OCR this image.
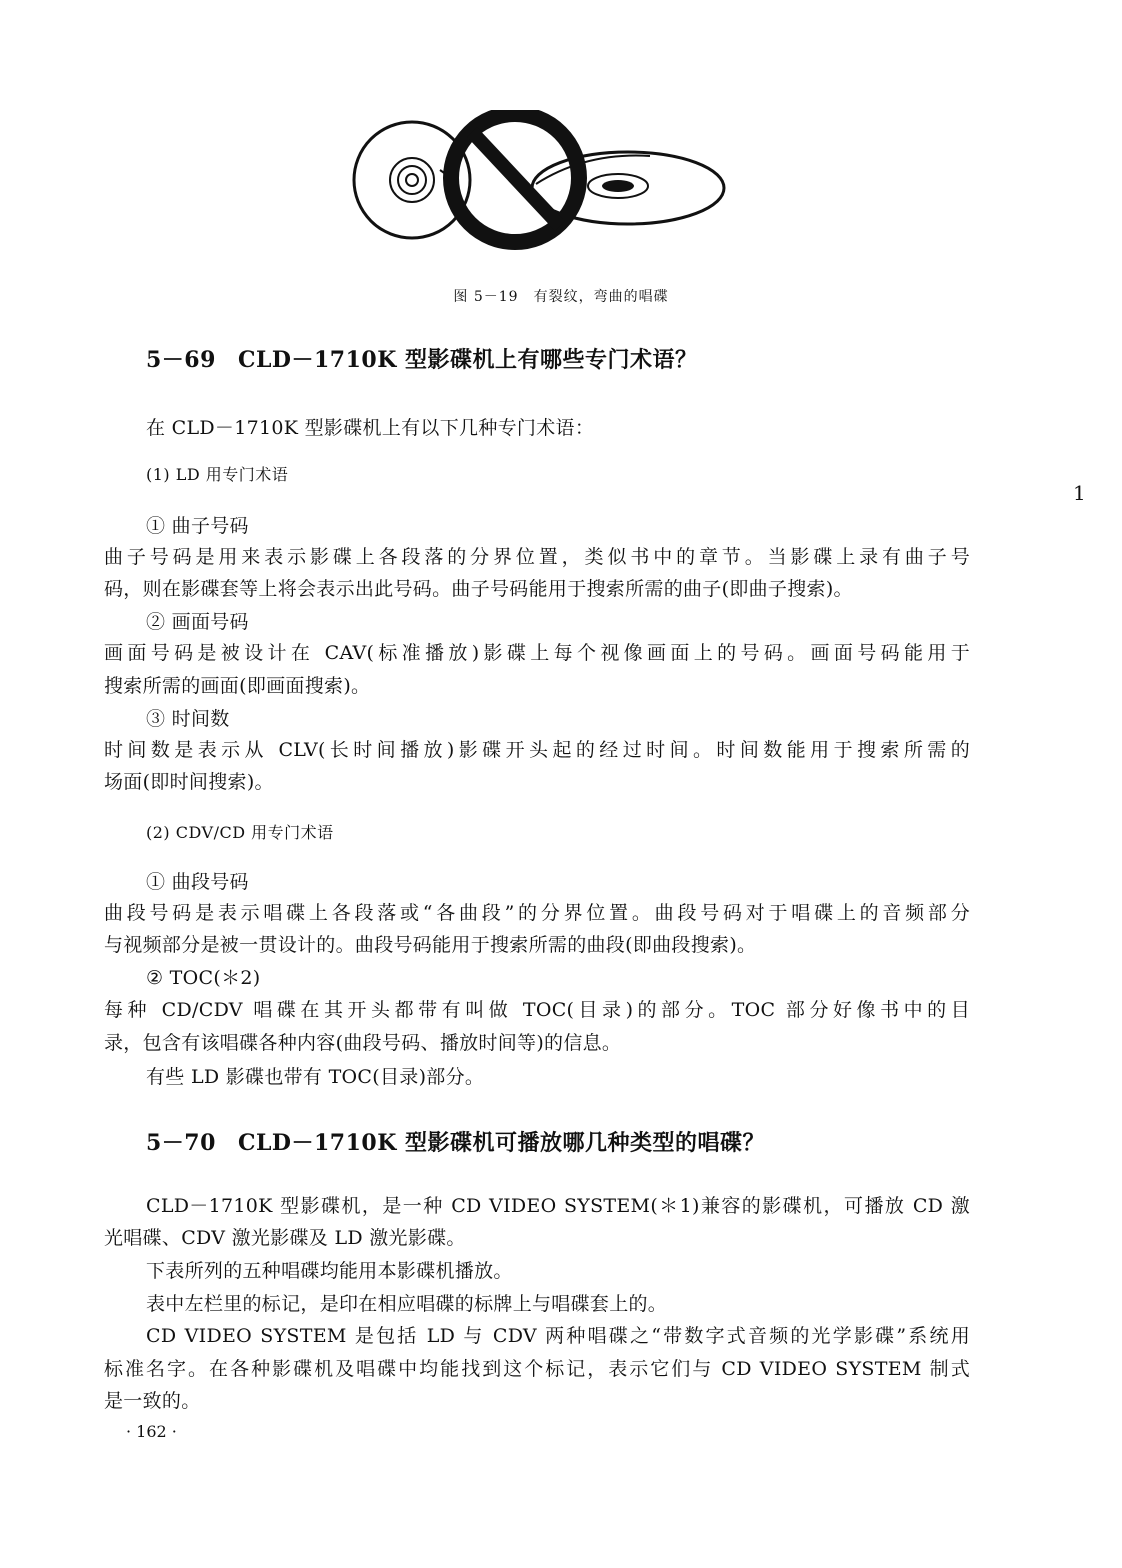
图 5－19　有裂纹，弯曲的唱碟
5－69 CLD－1710K 型影碟机上有哪些专门术语？
在 CLD－1710K 型影碟机上有以下几种专门术语：
(1) LD 用专门术语
① 曲子号码
曲子号码是用来表示影碟上各段落的分界位置，类似书中的章节。当影碟上录有曲子号
码，则在影碟套等上将会表示出此号码。曲子号码能用于搜索所需的曲子(即曲子搜索)。
② 画面号码
画面号码是被设计在 CAV(标准播放)影碟上每个视像画面上的号码。画面号码能用于
搜索所需的画面(即画面搜索)。
③ 时间数
时间数是表示从 CLV(长时间播放)影碟开头起的经过时间。时间数能用于搜索所需的
场面(即时间搜索)。
(2) CDV/CD 用专门术语
① 曲段号码
曲段号码是表示唱碟上各段落或“各曲段”的分界位置。曲段号码对于唱碟上的音频部分
与视频部分是被一贯设计的。曲段号码能用于搜索所需的曲段(即曲段搜索)。
② TOC(＊2)
每种 CD/CDV 唱碟在其开头都带有叫做 TOC(目录)的部分。TOC 部分好像书中的目
录，包含有该唱碟各种内容(曲段号码、播放时间等)的信息。
有些 LD 影碟也带有 TOC(目录)部分。
5－70 CLD－1710K 型影碟机可播放哪几种类型的唱碟？
CLD－1710K 型影碟机，是一种 CD VIDEO SYSTEM(＊1)兼容的影碟机，可播放 CD 激
光唱碟、CDV 激光影碟及 LD 激光影碟。
下表所列的五种唱碟均能用本影碟机播放。
表中左栏里的标记，是印在相应唱碟的标牌上与唱碟套上的。
CD VIDEO SYSTEM 是包括 LD 与 CDV 两种唱碟之“带数字式音频的光学影碟”系统用
标准名字。在各种影碟机及唱碟中均能找到这个标记，表示它们与 CD VIDEO SYSTEM 制式
是一致的。
1
· 162 ·
